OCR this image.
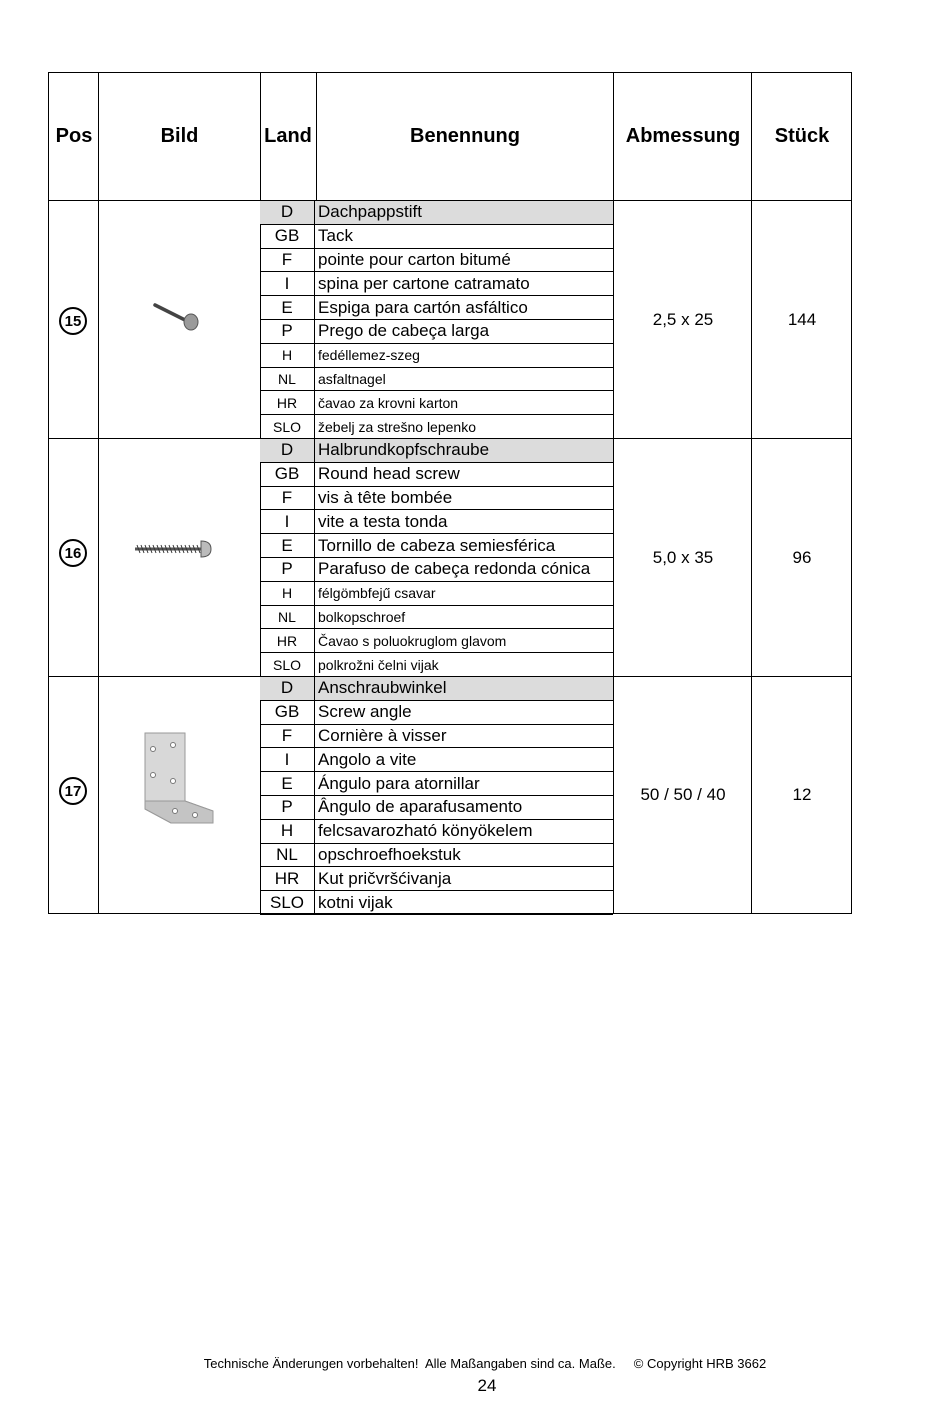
Pos	Bild	Land	Benennung	Abmessung	Stück
15
D	Dachpappstift
GB	Tack
F	pointe pour carton bitumé
I	spina per cartone catramato
E	Espiga para cartón asfáltico
P	Prego de cabeça larga
H	fedéllemez-szeg
NL	asfaltnagel
HR	čavao za krovni karton
SLO	žebelj za strešno lepenko
2,5 x 25	144
16
D	Halbrundkopfschraube
GB	Round head screw
F	vis à tête bombée
I	vite a testa tonda
E	Tornillo de cabeza semiesférica
P	Parafuso de cabeça redonda cónica
H	félgömbfejű csavar
NL	bolkopschroef
HR	Čavao s poluokruglom glavom
SLO	polkrožni čelni vijak
5,0 x 35	96
17
D	Anschraubwinkel
GB	Screw angle
F	Cornière à visser
I	Angolo a vite
E	Ángulo para atornillar
P	Ângulo de aparafusamento
H	felcsavarozható könyökelem
NL	opschroefhoekstuk
HR	Kut pričvršćivanja
SLO kotni vijak
50 / 50 / 40	12
Technische Änderungen vorbehalten!  Alle Maßangaben sind ca. Maße.     © Copyright HRB 3662
24
